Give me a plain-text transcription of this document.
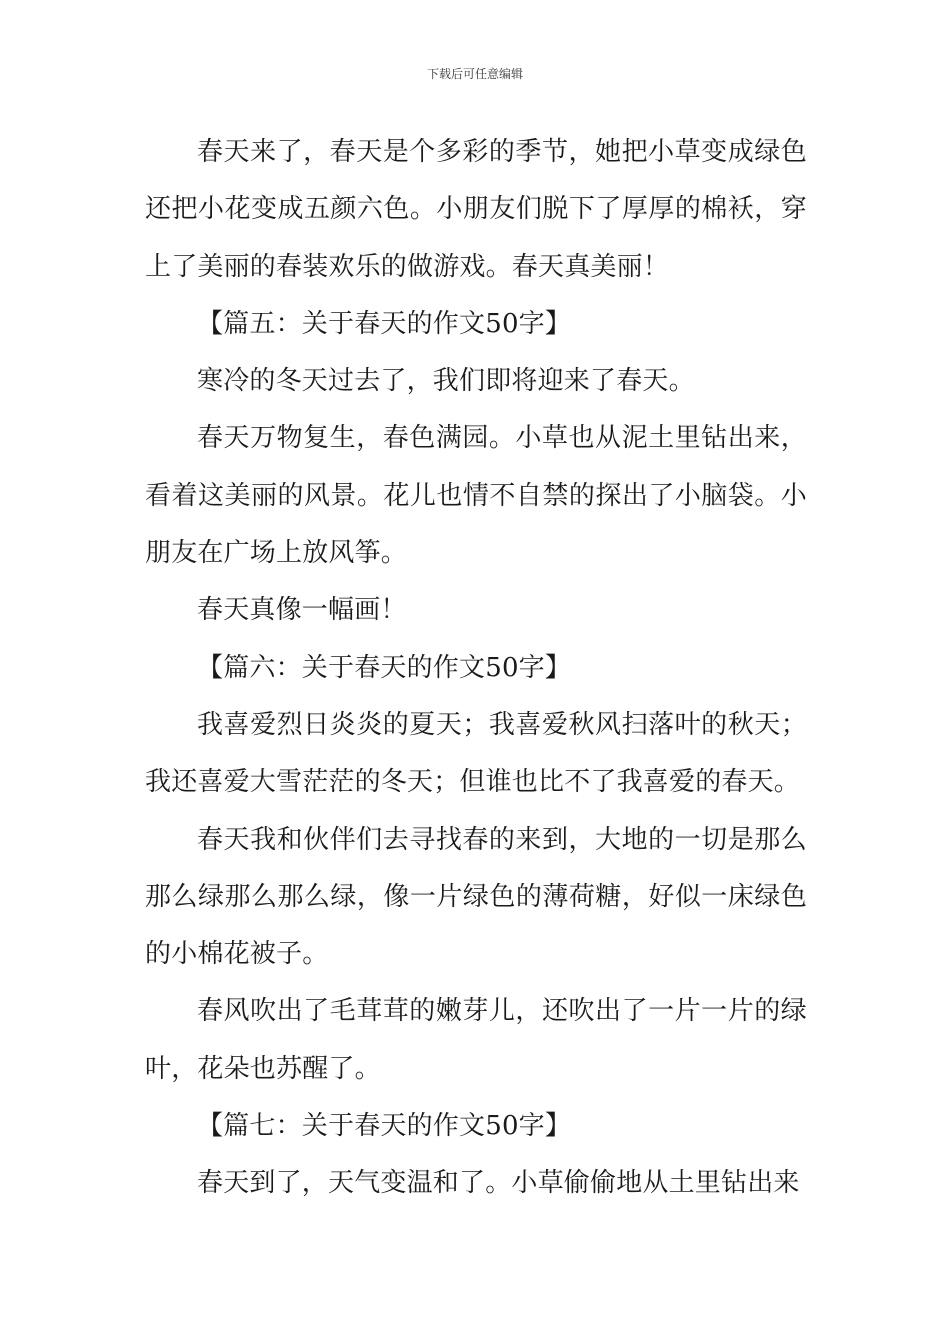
下载后可任意编辑

春天来了，春天是个多彩的季节，她把小草变成绿色还把小花变成五颜六色。小朋友们脱下了厚厚的棉袄，穿上了美丽的春装欢乐的做游戏。春天真美丽！

【篇五：关于春天的作文50字】

寒冷的冬天过去了，我们即将迎来了春天。

春天万物复生，春色满园。小草也从泥土里钻出来，看着这美丽的风景。花儿也情不自禁的探出了小脑袋。小朋友在广场上放风筝。

春天真像一幅画！

【篇六：关于春天的作文50字】

我喜爱烈日炎炎的夏天；我喜爱秋风扫落叶的秋天；我还喜爱大雪茫茫的冬天；但谁也比不了我喜爱的春天。

春天我和伙伴们去寻找春的来到，大地的一切是那么那么绿那么那么绿，像一片绿色的薄荷糖，好似一床绿色的小棉花被子。

春风吹出了毛茸茸的嫩芽儿，还吹出了一片一片的绿叶，花朵也苏醒了。

【篇七：关于春天的作文50字】

春天到了，天气变温和了。小草偷偷地从土里钻出来
